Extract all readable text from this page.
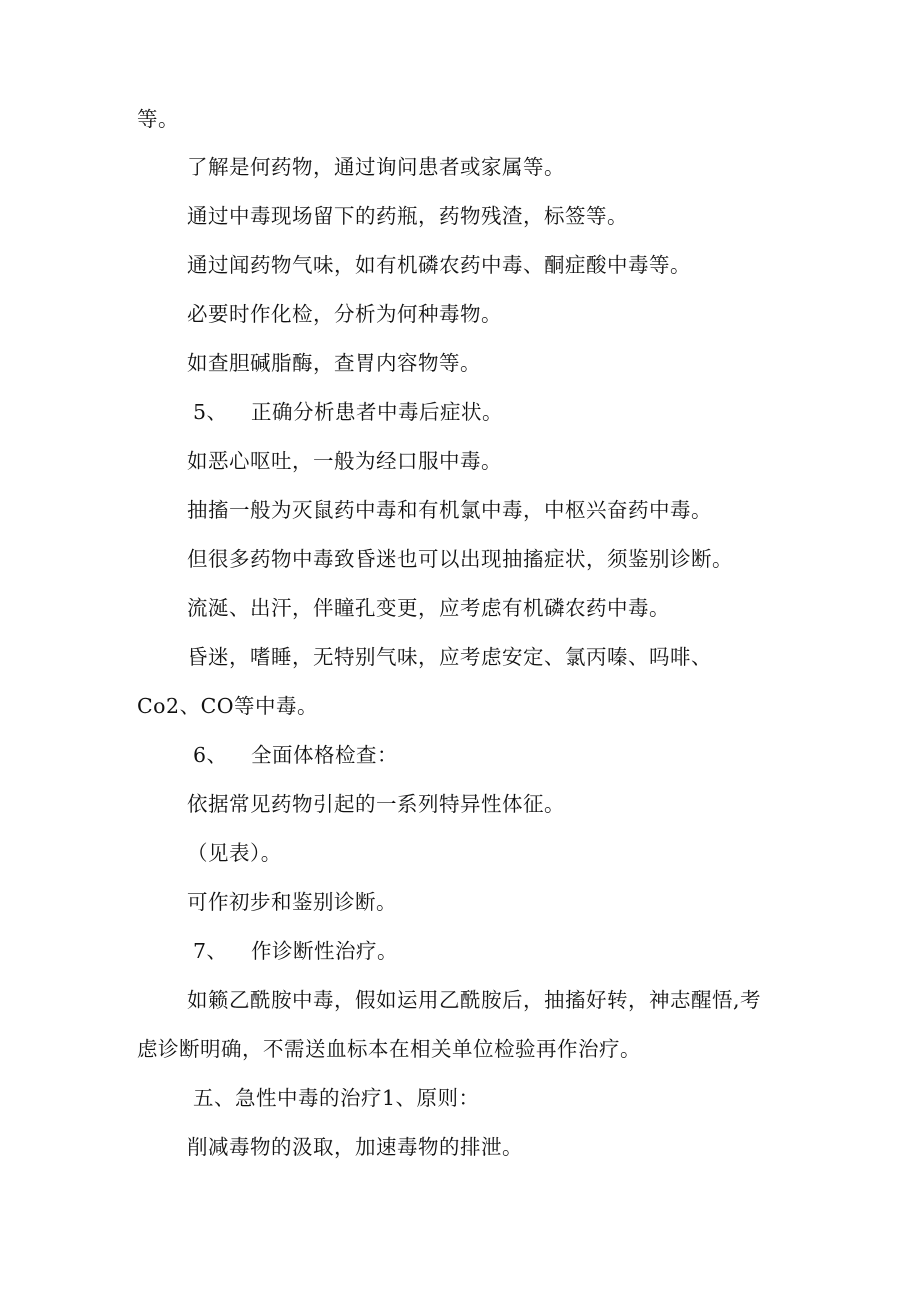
等。
了解是何药物，通过询问患者或家属等。
通过中毒现场留下的药瓶，药物残渣，标签等。
通过闻药物气味，如有机磷农药中毒、酮症酸中毒等。
必要时作化检，分析为何种毒物。
如查胆碱脂酶，查胃内容物等。
5、 正确分析患者中毒后症状。
如恶心呕吐，一般为经口服中毒。
抽搐一般为灭鼠药中毒和有机氯中毒，中枢兴奋药中毒。
但很多药物中毒致昏迷也可以出现抽搐症状，须鉴别诊断。
流涎、出汗，伴瞳孔变更，应考虑有机磷农药中毒。
昏迷，嗜睡，无特别气味，应考虑安定、氯丙嗪、吗啡、
Co2、CO等中毒。
6、 全面体格检查：
依据常见药物引起的一系列特异性体征。
（见表）。
可作初步和鉴别诊断。
7、 作诊断性治疗。
如籁乙酰胺中毒，假如运用乙酰胺后，抽搐好转，神志醒悟,考
虑诊断明确，不需送血标本在相关单位检验再作治疗。
五、急性中毒的治疗1、原则：
削减毒物的汲取，加速毒物的排泄。
